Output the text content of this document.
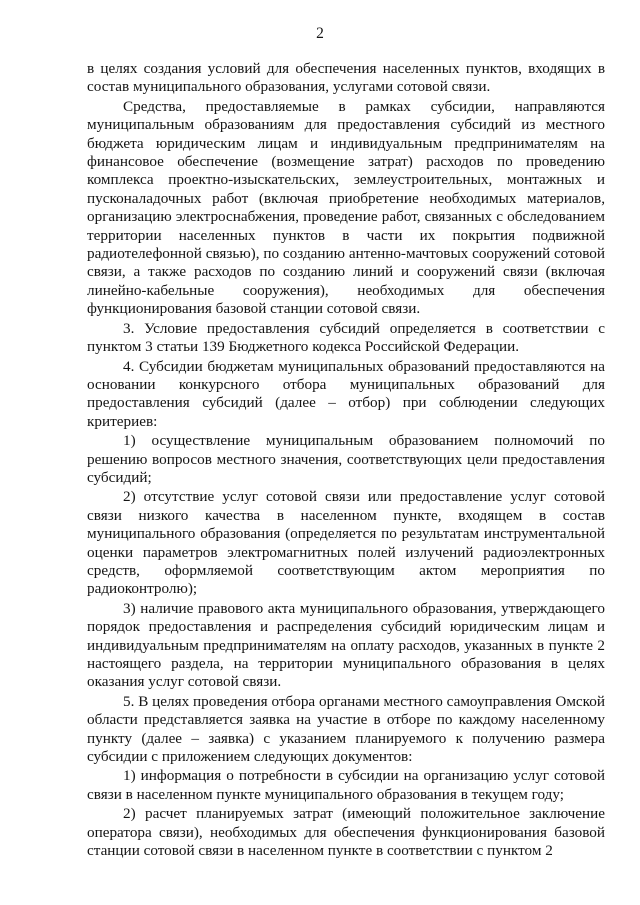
2

в целях создания условий для обеспечения населенных пунктов, входящих в состав муниципального образования, услугами сотовой связи.

Средства, предоставляемые в рамках субсидии, направляются муниципальным образованиям для предоставления субсидий из местного бюджета юридическим лицам и индивидуальным предпринимателям на финансовое обеспечение (возмещение затрат) расходов по проведению комплекса проектно-изыскательских, землеустроительных, монтажных и пусконаладочных работ (включая приобретение необходимых материалов, организацию электроснабжения, проведение работ, связанных с обследованием территории населенных пунктов в части их покрытия подвижной радиотелефонной связью), по созданию антенно-мачтовых сооружений сотовой связи, а также расходов по созданию линий и сооружений связи (включая линейно-кабельные сооружения), необходимых для обеспечения функционирования базовой станции сотовой связи.

3. Условие предоставления субсидий определяется в соответствии с пунктом 3 статьи 139 Бюджетного кодекса Российской Федерации.

4. Субсидии бюджетам муниципальных образований предоставляются на основании конкурсного отбора муниципальных образований для предоставления субсидий (далее – отбор) при соблюдении следующих критериев:

1) осуществление муниципальным образованием полномочий по решению вопросов местного значения, соответствующих цели предоставления субсидий;

2) отсутствие услуг сотовой связи или предоставление услуг сотовой связи низкого качества в населенном пункте, входящем в состав муниципального образования (определяется по результатам инструментальной оценки параметров электромагнитных полей излучений радиоэлектронных средств, оформляемой соответствующим актом мероприятия по радиоконтролю);

3) наличие правового акта муниципального образования, утверждающего порядок предоставления и распределения субсидий юридическим лицам и индивидуальным предпринимателям на оплату расходов, указанных в пункте 2 настоящего раздела, на территории муниципального образования в целях оказания услуг сотовой связи.

5. В целях проведения отбора органами местного самоуправления Омской области представляется заявка на участие в отборе по каждому населенному пункту (далее – заявка) с указанием планируемого к получению размера субсидии с приложением следующих документов:

1) информация о потребности в субсидии на организацию услуг сотовой связи в населенном пункте муниципального образования в текущем году;

2) расчет планируемых затрат (имеющий положительное заключение оператора связи), необходимых для обеспечения функционирования базовой станции сотовой связи в населенном пункте в соответствии с пунктом 2
